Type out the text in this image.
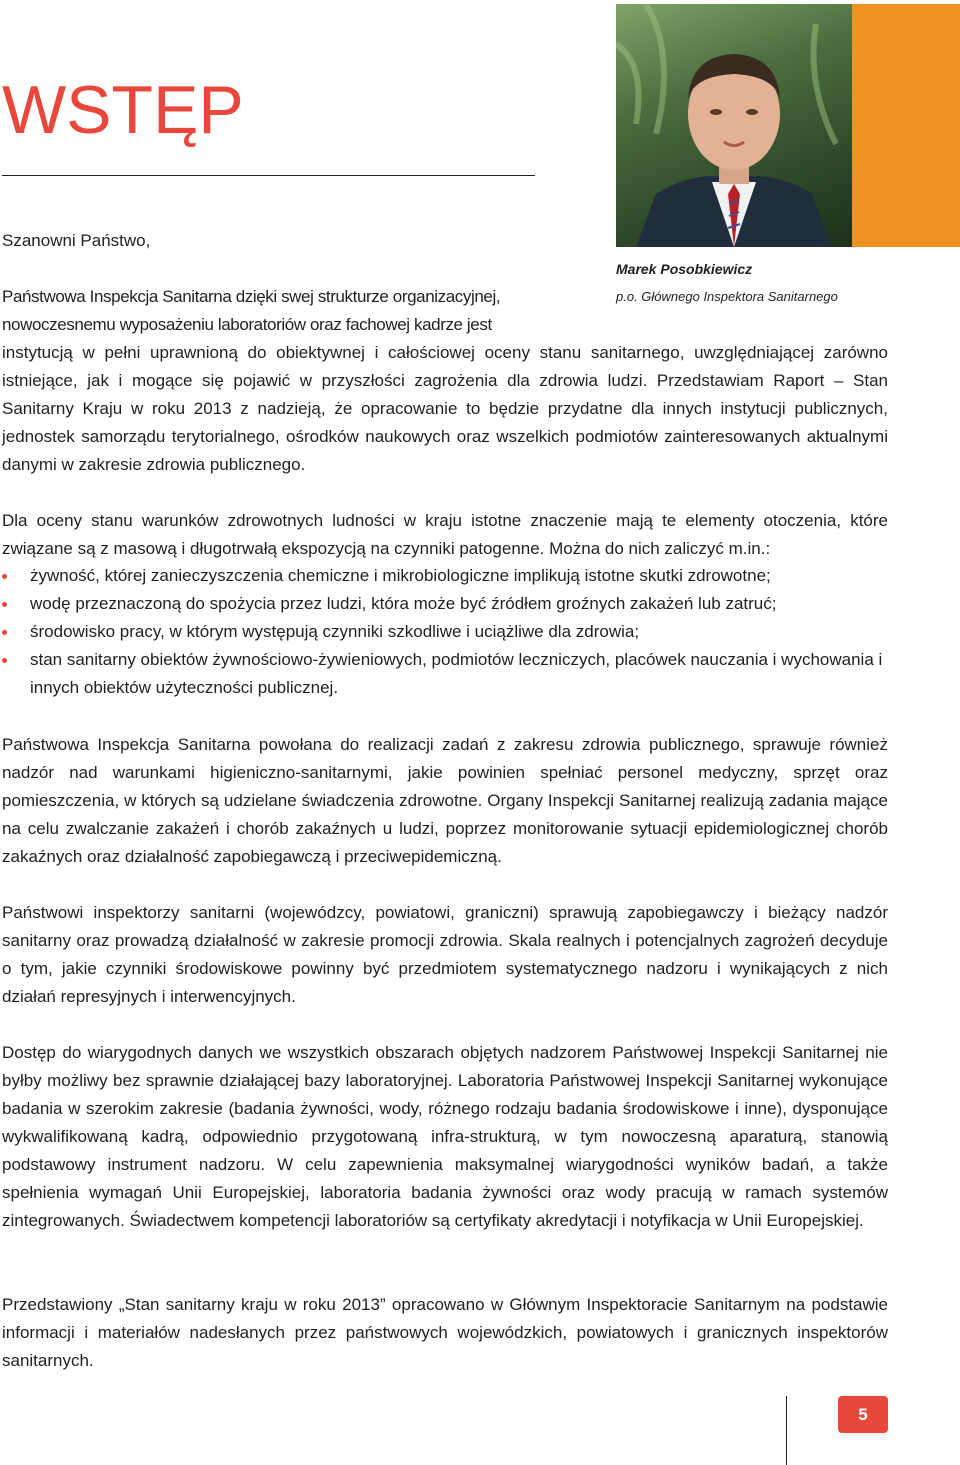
WSTĘP
Marek Posobkiewicz
p.o. Głównego Inspektora Sanitarnego

Szanowni Państwo,

Państwowa Inspekcja Sanitarna dzięki swej strukturze organizacyjnej,

nowoczesnemu wyposażeniu laboratoriów oraz fachowej kadrze jest

instytucją w pełni uprawnioną do obiektywnej i całościowej oceny stanu sanitarnego, uwzględniającej zarówno istniejące, jak i mogące się pojawić w przyszłości zagrożenia dla zdrowia ludzi. Przedstawiam Raport – Stan Sanitarny Kraju w roku 2013 z nadzieją, że opracowanie to będzie przydatne dla innych instytucji publicznych, jednostek samorządu terytorialnego, ośrodków naukowych oraz wszelkich podmiotów zainteresowanych aktualnymi danymi w zakresie zdrowia publicznego.

Dla oceny stanu warunków zdrowotnych ludności w kraju istotne znaczenie mają te elementy otoczenia, które związane są z masową i długotrwałą ekspozycją na czynniki patogenne. Można do nich zaliczyć m.in.:

żywność, której zanieczyszczenia chemiczne i mikrobiologiczne implikują istotne skutki zdrowotne;
wodę przeznaczoną do spożycia przez ludzi, która może być źródłem groźnych zakażeń lub zatruć;
środowisko pracy, w którym występują czynniki szkodliwe i uciążliwe dla zdrowia;
stan sanitarny obiektów żywnościowo-żywieniowych, podmiotów leczniczych, placówek nauczania i wychowania i innych obiektów użyteczności publicznej.

Państwowa Inspekcja Sanitarna powołana do realizacji zadań z zakresu zdrowia publicznego, sprawuje również nadzór nad warunkami higieniczno-sanitarnymi, jakie powinien spełniać personel medyczny, sprzęt oraz pomieszczenia, w których są udzielane świadczenia zdrowotne. Organy Inspekcji Sanitarnej realizują zadania mające na celu zwalczanie zakażeń i chorób zakaźnych u ludzi, poprzez monitorowanie sytuacji epidemiologicznej chorób zakaźnych oraz działalność zapobiegawczą i przeciwepidemiczną.

Państwowi inspektorzy sanitarni (wojewódzcy, powiatowi, graniczni) sprawują zapobiegawczy i bieżący nadzór sanitarny oraz prowadzą działalność w zakresie promocji zdrowia. Skala realnych i potencjalnych zagrożeń decyduje o tym, jakie czynniki środowiskowe powinny być przedmiotem systematycznego nadzoru i wynikających z nich działań represyjnych i interwencyjnych.

Dostęp do wiarygodnych danych we wszystkich obszarach objętych nadzorem Państwowej Inspekcji Sanitarnej nie byłby możliwy bez sprawnie działającej bazy laboratoryjnej. Laboratoria Państwowej Inspekcji Sanitarnej wykonujące badania w szerokim zakresie (badania żywności, wody, różnego rodzaju badania środowiskowe i inne), dysponujące wykwalifikowaną kadrą, odpowiednio przygotowaną infra-strukturą, w tym nowoczesną aparaturą, stanowią podstawowy instrument nadzoru. W celu zapewnienia maksymalnej wiarygodności wyników badań, a także spełnienia wymagań Unii Europejskiej, laboratoria badania żywności oraz wody pracują w ramach systemów zintegrowanych. Świadectwem kompetencji laboratoriów są certyfikaty akredytacji i notyfikacja w Unii Europejskiej.

Przedstawiony „Stan sanitarny kraju w roku 2013” opracowano w Głównym Inspektoracie Sanitarnym na podstawie informacji i materiałów nadesłanych przez państwowych wojewódzkich, powiatowych i granicznych inspektorów sanitarnych.

5
